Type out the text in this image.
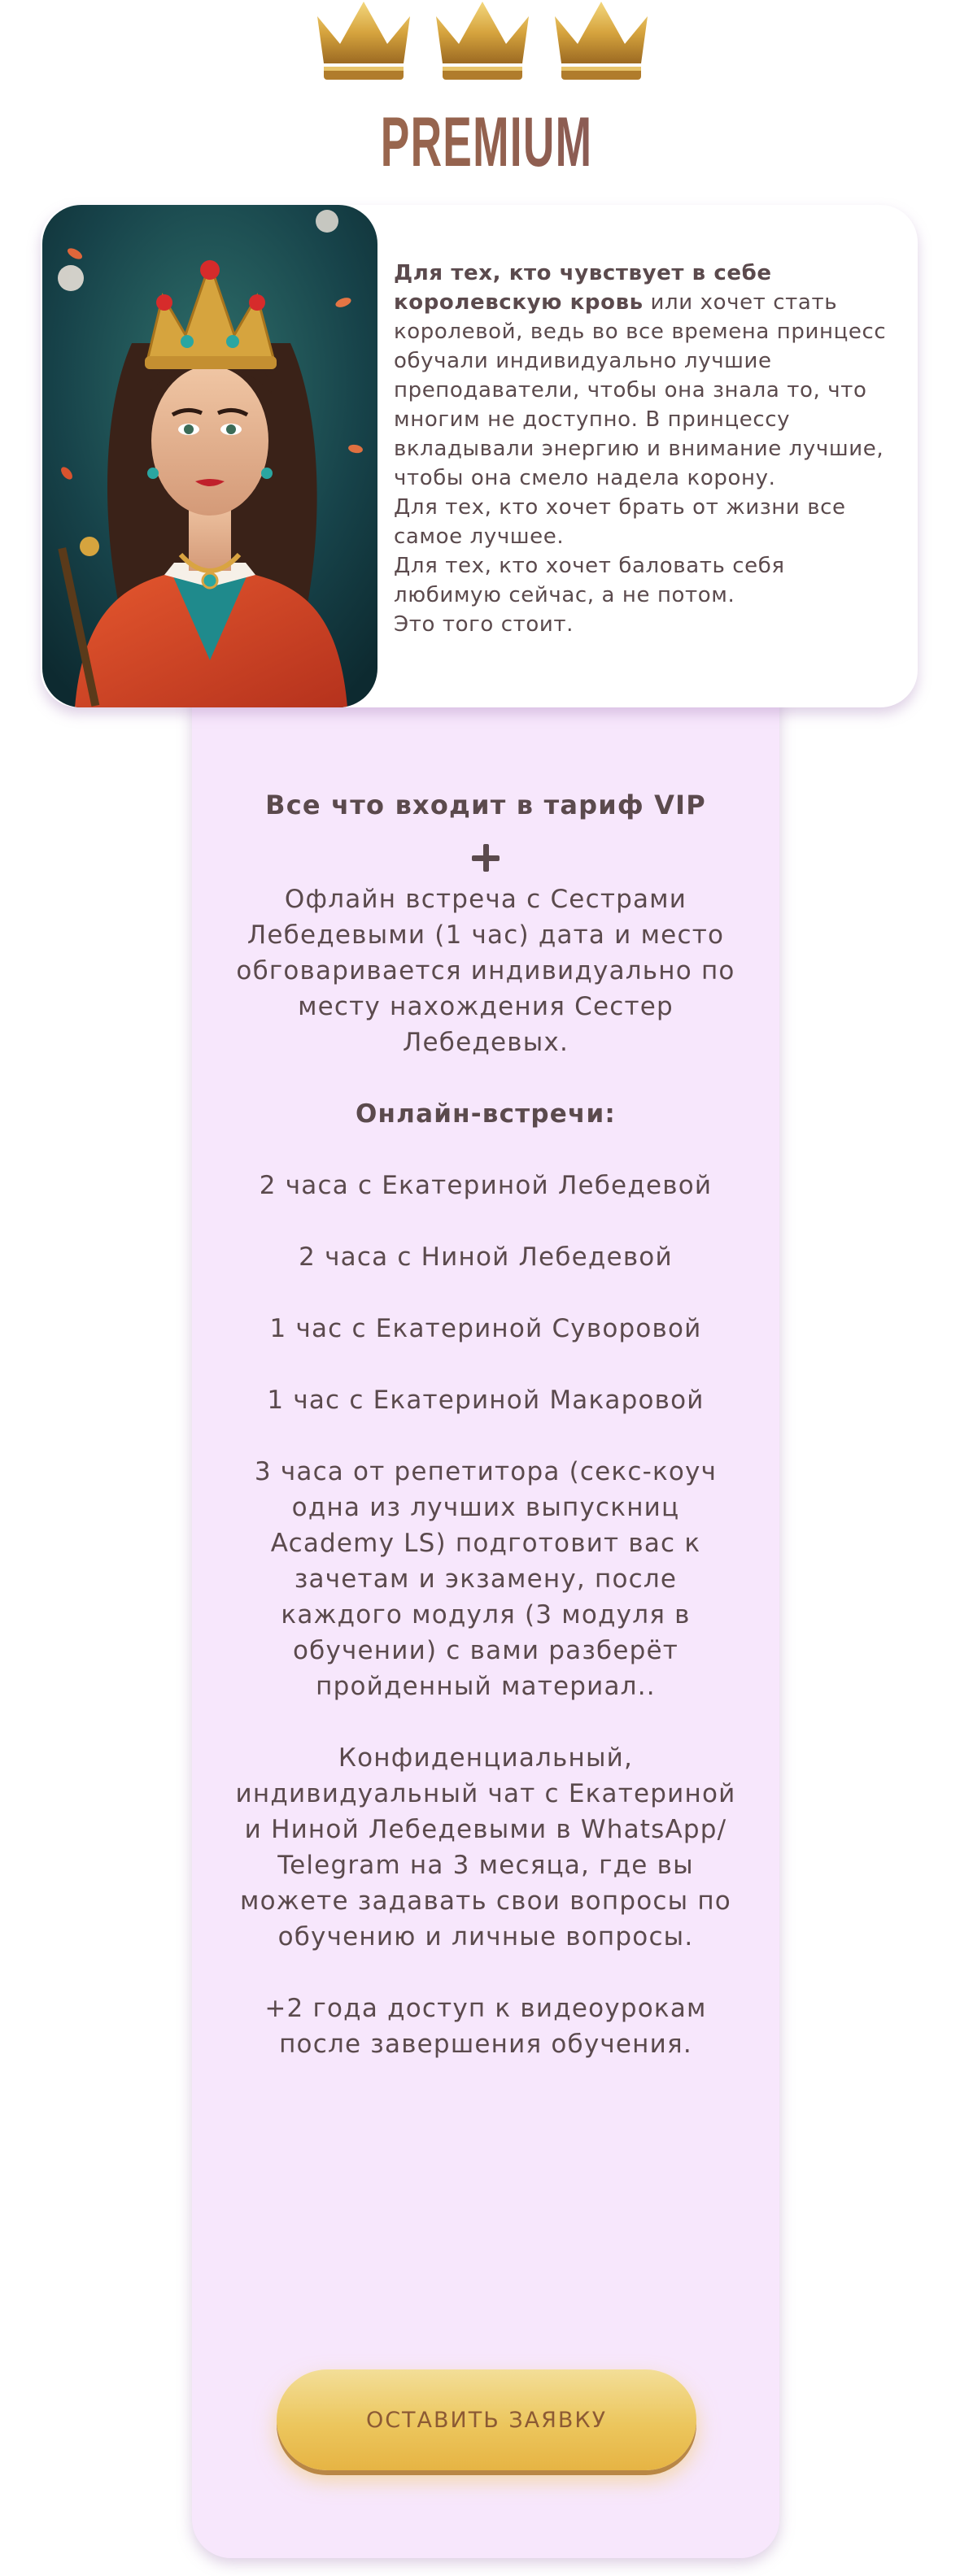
PREMIUM

Для тех, кто чувствует в себе королевскую кровь или хочет стать королевой, ведь во все времена принцесс обучали индивидуально лучшие преподаватели, чтобы она знала то, что многим не доступно. В принцессу вкладывали энергию и внимание лучшие, чтобы она смело надела корону.

Для тех, кто хочет брать от жизни все самое лучшее.

Для тех, кто хочет баловать себя любимую сейчас, а не потом.

Это того стоит.

Все что входит в тариф VIP

Офлайн встреча с Сестрами Лебедевыми (1 час) дата и место обговаривается индивидуально по месту нахождения Сестер Лебедевых.

Онлайн-встречи:

2 часа с Екатериной Лебедевой

2 часа с Ниной Лебедевой

1 час с Екатериной Суворовой

1 час с Екатериной Макаровой

3 часа от репетитора (секс-коуч одна из лучших выпускниц Academy LS) подготовит вас к зачетам и экзамену, после каждого модуля (3 модуля в обучении) с вами разберёт пройденный материал..

Конфиденциальный, индивидуальный чат с Екатериной и Ниной Лебедевыми в WhatsApp/ Telegram на 3 месяца, где вы можете задавать свои вопросы по обучению и личные вопросы.

+2 года доступ к видеоурокам после завершения обучения.

ОСТАВИТЬ ЗАЯВКУ
